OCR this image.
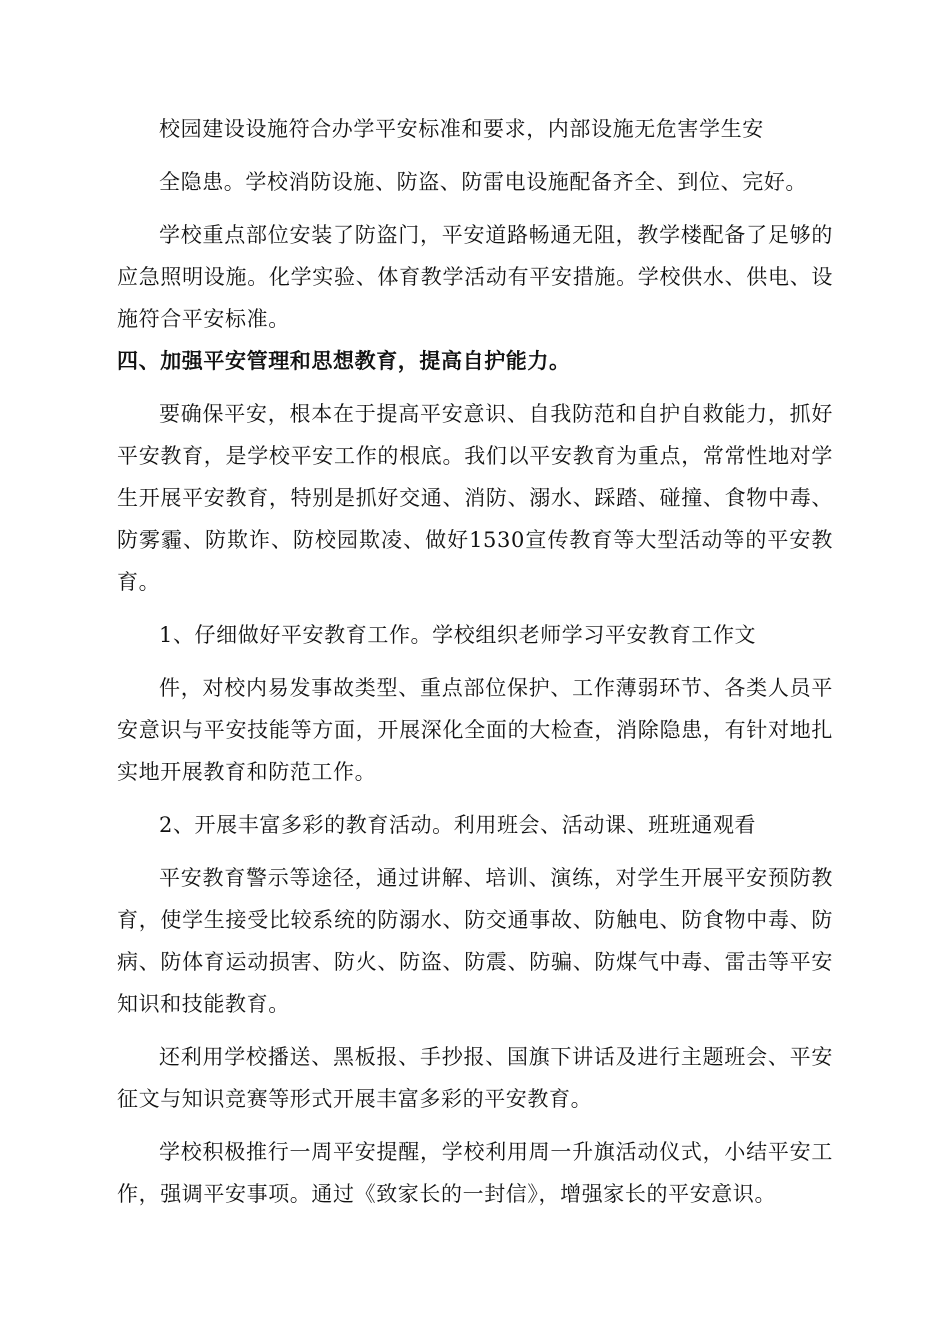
校园建设设施符合办学平安标准和要求，内部设施无危害学生安

全隐患。学校消防设施、防盗、防雷电设施配备齐全、到位、完好。

学校重点部位安装了防盗门，平安道路畅通无阻，教学楼配备了足够的应急照明设施。化学实验、体育教学活动有平安措施。学校供水、供电、设施符合平安标准。

四、加强平安管理和思想教育，提高自护能力。

要确保平安，根本在于提高平安意识、自我防范和自护自救能力，抓好平安教育，是学校平安工作的根底。我们以平安教育为重点，常常性地对学生开展平安教育，特别是抓好交通、消防、溺水、踩踏、碰撞、食物中毒、防雾霾、防欺诈、防校园欺凌、做好1530宣传教育等大型活动等的平安教育。

1、仔细做好平安教育工作。学校组织老师学习平安教育工作文

件，对校内易发事故类型、重点部位保护、工作薄弱环节、各类人员平安意识与平安技能等方面，开展深化全面的大检查，消除隐患，有针对地扎实地开展教育和防范工作。

2、开展丰富多彩的教育活动。利用班会、活动课、班班通观看

平安教育警示等途径，通过讲解、培训、演练，对学生开展平安预防教育，使学生接受比较系统的防溺水、防交通事故、防触电、防食物中毒、防病、防体育运动损害、防火、防盗、防震、防骗、防煤气中毒、雷击等平安知识和技能教育。

还利用学校播送、黑板报、手抄报、国旗下讲话及进行主题班会、平安征文与知识竞赛等形式开展丰富多彩的平安教育。

学校积极推行一周平安提醒，学校利用周一升旗活动仪式，小结平安工作，强调平安事项。通过《致家长的一封信》，增强家长的平安意识。
